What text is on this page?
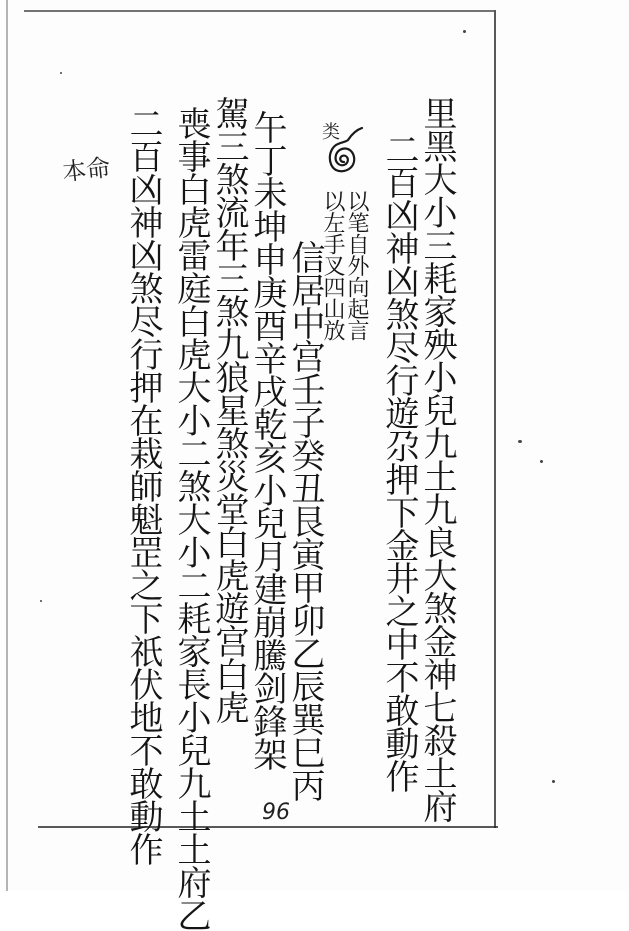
里黑大小三耗家殃小兒九土九良大煞金神七殺土府
二百凶神凶煞尽行遊尕押下金井之中不敢動作
以笔自外向起言
以左手叉四山放
信居中宫壬子癸丑艮寅甲卯乙辰巽巳丙
午丁未坤申庚酉辛戌乾亥小兒月建崩騰剑鋒架
駕三煞流年三煞九狼星煞災堂白虎遊宫白虎
喪事白虎雷庭白虎大小二煞大小二耗家長小兒九土土府乙
二百凶神凶煞尽行押在栽師魁罡之下祇伏地不敢動作	类
本命
96
